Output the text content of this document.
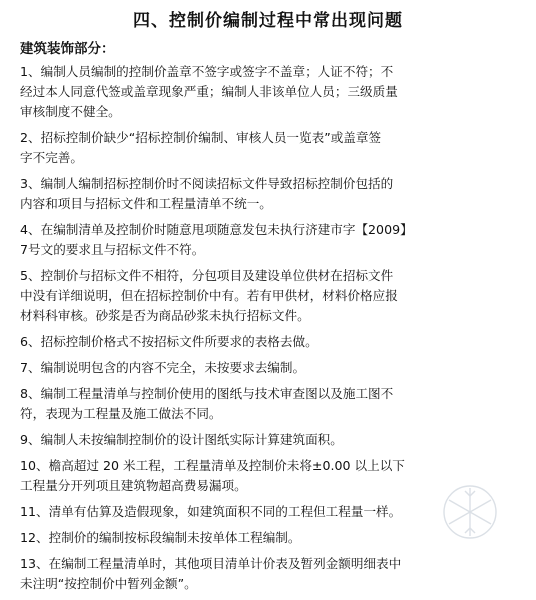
四、控制价编制过程中常出现问题
建筑装饰部分：
1、编制人员编制的控制价盖章不签字或签字不盖章；人证不符；不
经过本人同意代签或盖章现象严重；编制人非该单位人员；三级质量
审核制度不健全。
2、招标控制价缺少“招标控制价编制、审核人员一览表”或盖章签
字不完善。
3、编制人编制招标控制价时不阅读招标文件导致招标控制价包括的
内容和项目与招标文件和工程量清单不统一。
4、在编制清单及控制价时随意甩项随意发包未执行济建市字【2009】
7号文的要求且与招标文件不符。
5、控制价与招标文件不相符，分包项目及建设单位供材在招标文件
中没有详细说明，但在招标控制价中有。若有甲供材，材料价格应报
材料科审核。砂浆是否为商品砂浆未执行招标文件。
6、招标控制价格式不按招标文件所要求的表格去做。
7、编制说明包含的内容不完全，未按要求去编制。
8、编制工程量清单与控制价使用的图纸与技术审查图以及施工图不
符，表现为工程量及施工做法不同。
9、编制人未按编制控制价的设计图纸实际计算建筑面积。
10、檐高超过 20 米工程，工程量清单及控制价未将±0.00 以上以下
工程量分开列项且建筑物超高费易漏项。
11、清单有估算及造假现象，如建筑面积不同的工程但工程量一样。
12、控制价的编制按标段编制未按单体工程编制。
13、在编制工程量清单时，其他项目清单计价表及暂列金额明细表中
未注明“按控制价中暂列金额”。
